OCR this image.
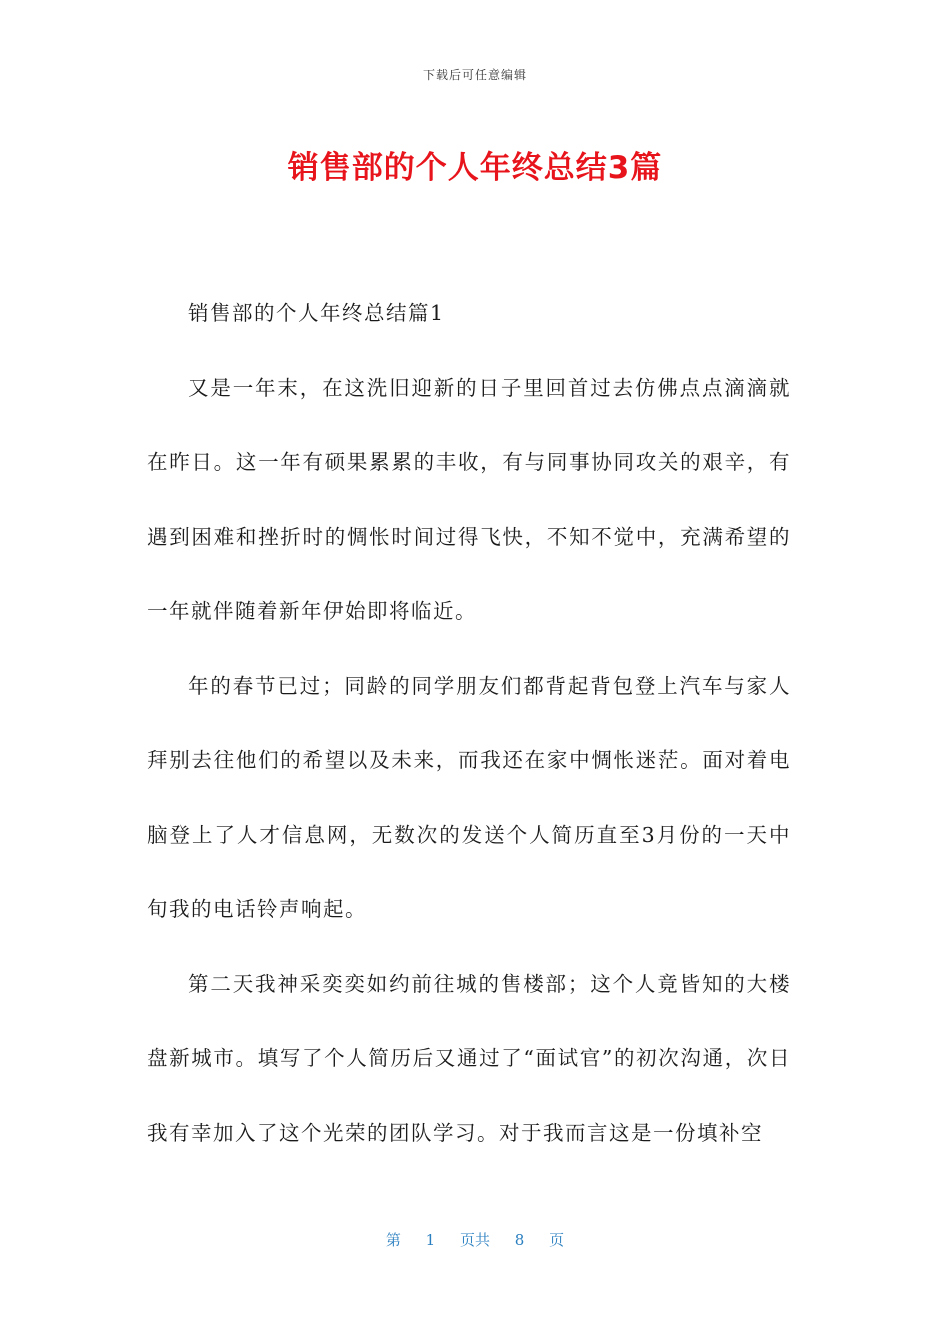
下载后可任意编辑
销售部的个人年终总结3篇

销售部的个人年终总结篇1

又是一年末，在这洗旧迎新的日子里回首过去仿佛点点滴滴就在昨日。这一年有硕果累累的丰收，有与同事协同攻关的艰辛，有遇到困难和挫折时的惆怅时间过得飞快，不知不觉中，充满希望的一年就伴随着新年伊始即将临近。

年的春节已过；同龄的同学朋友们都背起背包登上汽车与家人拜别去往他们的希望以及未来，而我还在家中惆怅迷茫。面对着电脑登上了人才信息网，无数次的发送个人简历直至3月份的一天中旬我的电话铃声响起。

第二天我神采奕奕如约前往城的售楼部；这个人竟皆知的大楼盘新城市。填写了个人简历后又通过了“面试官”的初次沟通，次日我有幸加入了这个光荣的团队学习。对于我而言这是一份填补空

第 1 页共 8 页
